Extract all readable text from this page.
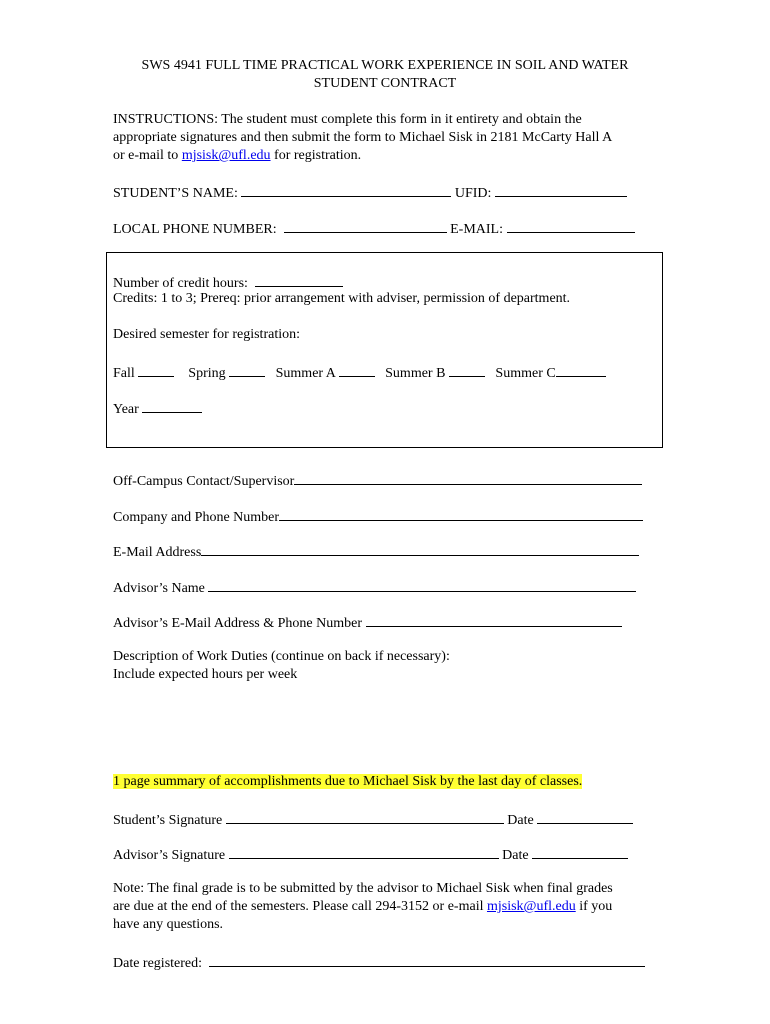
SWS 4941 FULL TIME PRACTICAL WORK EXPERIENCE IN SOIL AND WATER
STUDENT CONTRACT
INSTRUCTIONS: The student must complete this form in it entirety and obtain the
appropriate signatures and then submit the form to Michael Sisk in 2181 McCarty Hall A
or e-mail to mjsisk@ufl.edu for registration.
STUDENT’S NAME:	UFID:
LOCAL PHONE NUMBER:	E-MAIL:
Number of credit hours:
Credits: 1 to 3; Prereq: prior arrangement with adviser, permission of department.
Desired semester for registration:
Fall	Spring	Summer A	Summer B	Summer C
Year
Off-Campus Contact/Supervisor
Company and Phone Number
E-Mail Address
Advisor’s Name
Advisor’s E-Mail Address & Phone Number
Description of Work Duties (continue on back if necessary):
Include expected hours per week
1 page summary of accomplishments due to Michael Sisk by the last day of classes.
Student’s Signature	Date
Advisor’s Signature	Date
Note: The final grade is to be submitted by the advisor to Michael Sisk when final grades
are due at the end of the semesters. Please call 294-3152 or e-mail mjsisk@ufl.edu if you
have any questions.
Date registered:
